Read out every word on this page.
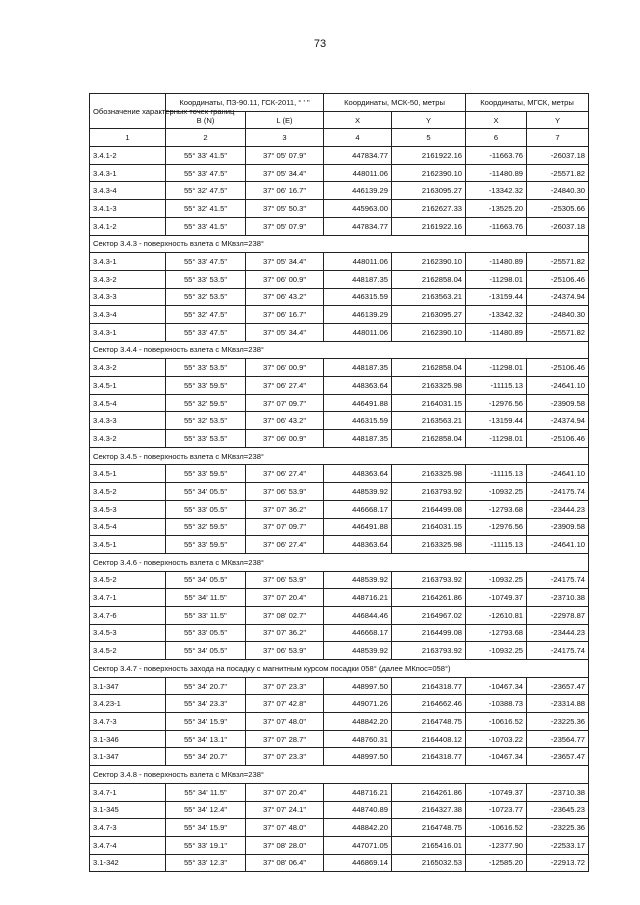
73
Обозначение характерных точек границ	Координаты, ПЗ-90.11, ГСК-2011, ° ' "		Координаты, МСК-50, метры		Координаты, МГСК, метры	
	B (N)	L (E)	X	Y	X	Y
1	2	3	4	5	6	7
3.4.1-2	55° 33' 41.5"	37° 05' 07.9"	447834.77	2161922.16	-11663.76	-26037.18
3.4.3-1	55° 33' 47.5"	37° 05' 34.4"	448011.06	2162390.10	-11480.89	-25571.82
3.4.3-4	55° 32' 47.5"	37° 06' 16.7"	446139.29	2163095.27	-13342.32	-24840.30
3.4.1-3	55° 32' 41.5"	37° 05' 50.3"	445963.00	2162627.33	-13525.20	-25305.66
3.4.1-2	55° 33' 41.5"	37° 05' 07.9"	447834.77	2161922.16	-11663.76	-26037.18
Сектор 3.4.3 - поверхность взлета с МКвзл=238°						
3.4.3-1	55° 33' 47.5"	37° 05' 34.4"	448011.06	2162390.10	-11480.89	-25571.82
3.4.3-2	55° 33' 53.5"	37° 06' 00.9"	448187.35	2162858.04	-11298.01	-25106.46
3.4.3-3	55° 32' 53.5"	37° 06' 43.2"	446315.59	2163563.21	-13159.44	-24374.94
3.4.3-4	55° 32' 47.5"	37° 06' 16.7"	446139.29	2163095.27	-13342.32	-24840.30
3.4.3-1	55° 33' 47.5"	37° 05' 34.4"	448011.06	2162390.10	-11480.89	-25571.82
Сектор 3.4.4 - поверхность взлета с МКвзл=238°						
3.4.3-2	55° 33' 53.5"	37° 06' 00.9"	448187.35	2162858.04	-11298.01	-25106.46
3.4.5-1	55° 33' 59.5"	37° 06' 27.4"	448363.64	2163325.98	-11115.13	-24641.10
3.4.5-4	55° 32' 59.5"	37° 07' 09.7"	446491.88	2164031.15	-12976.56	-23909.58
3.4.3-3	55° 32' 53.5"	37° 06' 43.2"	446315.59	2163563.21	-13159.44	-24374.94
3.4.3-2	55° 33' 53.5"	37° 06' 00.9"	448187.35	2162858.04	-11298.01	-25106.46
Сектор 3.4.5 - поверхность взлета с МКвзл=238°						
3.4.5-1	55° 33' 59.5"	37° 06' 27.4"	448363.64	2163325.98	-11115.13	-24641.10
3.4.5-2	55° 34' 05.5"	37° 06' 53.9"	448539.92	2163793.92	-10932.25	-24175.74
3.4.5-3	55° 33' 05.5"	37° 07' 36.2"	446668.17	2164499.08	-12793.68	-23444.23
3.4.5-4	55° 32' 59.5"	37° 07' 09.7"	446491.88	2164031.15	-12976.56	-23909.58
3.4.5-1	55° 33' 59.5"	37° 06' 27.4"	448363.64	2163325.98	-11115.13	-24641.10
Сектор 3.4.6 - поверхность взлета с МКвзл=238°						
3.4.5-2	55° 34' 05.5"	37° 06' 53.9"	448539.92	2163793.92	-10932.25	-24175.74
3.4.7-1	55° 34' 11.5"	37° 07' 20.4"	448716.21	2164261.86	-10749.37	-23710.38
3.4.7-6	55° 33' 11.5"	37° 08' 02.7"	446844.46	2164967.02	-12610.81	-22978.87
3.4.5-3	55° 33' 05.5"	37° 07' 36.2"	446668.17	2164499.08	-12793.68	-23444.23
3.4.5-2	55° 34' 05.5"	37° 06' 53.9"	448539.92	2163793.92	-10932.25	-24175.74
Сектор 3.4.7 - поверхность захода на посадку с магнитным курсом посадки 058° (далее МКпос=058°)						
3.1-347	55° 34' 20.7"	37° 07' 23.3"	448997.50	2164318.77	-10467.34	-23657.47
3.4.23-1	55° 34' 23.3"	37° 07' 42.8"	449071.26	2164662.46	-10388.73	-23314.88
3.4.7-3	55° 34' 15.9"	37° 07' 48.0"	448842.20	2164748.75	-10616.52	-23225.36
3.1-346	55° 34' 13.1"	37° 07' 28.7"	448760.31	2164408.12	-10703.22	-23564.77
3.1-347	55° 34' 20.7"	37° 07' 23.3"	448997.50	2164318.77	-10467.34	-23657.47
Сектор 3.4.8 - поверхность взлета с МКвзл=238°						
3.4.7-1	55° 34' 11.5"	37° 07' 20.4"	448716.21	2164261.86	-10749.37	-23710.38
3.1-345	55° 34' 12.4"	37° 07' 24.1"	448740.89	2164327.38	-10723.77	-23645.23
3.4.7-3	55° 34' 15.9"	37° 07' 48.0"	448842.20	2164748.75	-10616.52	-23225.36
3.4.7-4	55° 33' 19.1"	37° 08' 28.0"	447071.05	2165416.01	-12377.90	-22533.17
3.1-342	55° 33' 12.3"	37° 08' 06.4"	446869.14	2165032.53	-12585.20	-22913.72
